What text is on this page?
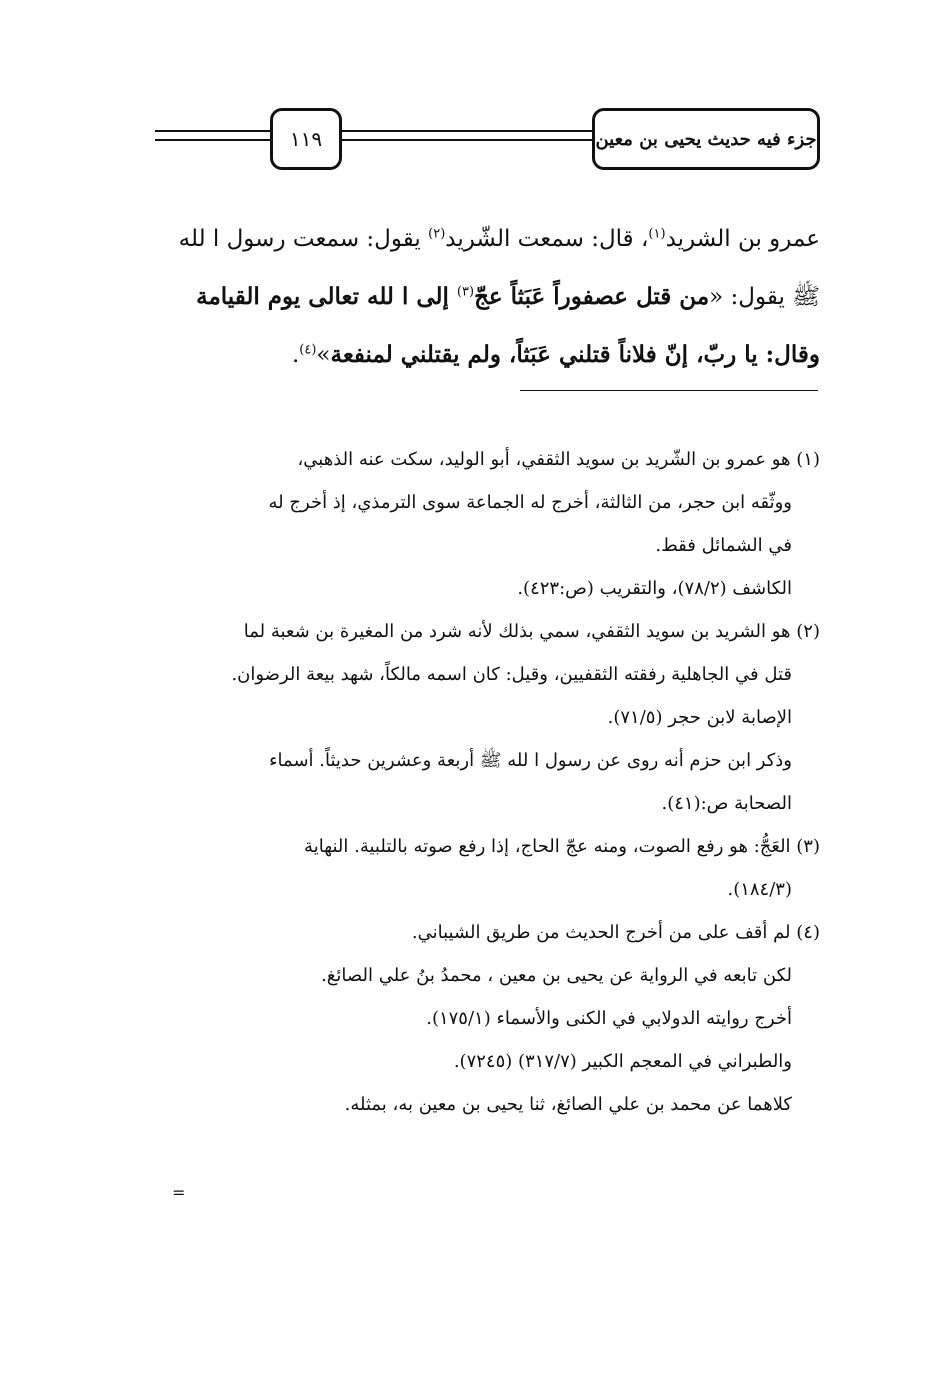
١١٩	جزء فيه حديث يحيى بن معين
عمرو بن الشريد$^{(١)}$، قال: سمعت الشّريد$^{(٢)}$ يقول: سمعت رسول ا لله
ﷺ يقول: «من قتل عصفوراً عَبَثاً عجّ$^{(٣)}$ إلى ا لله تعالى يوم القيامة
وقال: يا ربّ، إنّ فلاناً قتلني عَبَثاً، ولم يقتلني لمنفعة»$^{(٤)}$.
(١) هو عمرو بن الشّريد بن سويد الثقفي، أبو الوليد، سكت عنه الذهبي،
ووثّقه ابن حجر، من الثالثة، أخرج له الجماعة سوى الترمذي، إذ أخرج له
في الشمائل فقط.
الكاشف (٧٨/٢)، والتقريب (ص:٤٢٣).
(٢) هو الشريد بن سويد الثقفي، سمي بذلك لأنه شرد من المغيرة بن شعبة لما
قتل في الجاهلية رفقته الثقفيين، وقيل: كان اسمه مالكاً، شهد بيعة الرضوان.
الإصابة لابن حجر (٧١/٥).
وذكر ابن حزم أنه روى عن رسول ا لله ﷺ أربعة وعشرين حديثاً. أسماء
الصحابة ص:(٤١).
(٣) العَجُّ: هو رفع الصوت، ومنه عجّ الحاج، إذا رفع صوته بالتلبية. النهاية
(١٨٤/٣).
(٤) لم أقف على من أخرج الحديث من طريق الشيباني.
لكن تابعه في الرواية عن يحيى بن معين ، محمدُ بنُ علي الصائغ.
أخرج روايته الدولابي في الكنى والأسماء (١٧٥/١).
والطبراني في المعجم الكبير (٣١٧/٧) (٧٢٤٥).
كلاهما عن محمد بن علي الصائغ، ثنا يحيى بن معين به، بمثله.
=
